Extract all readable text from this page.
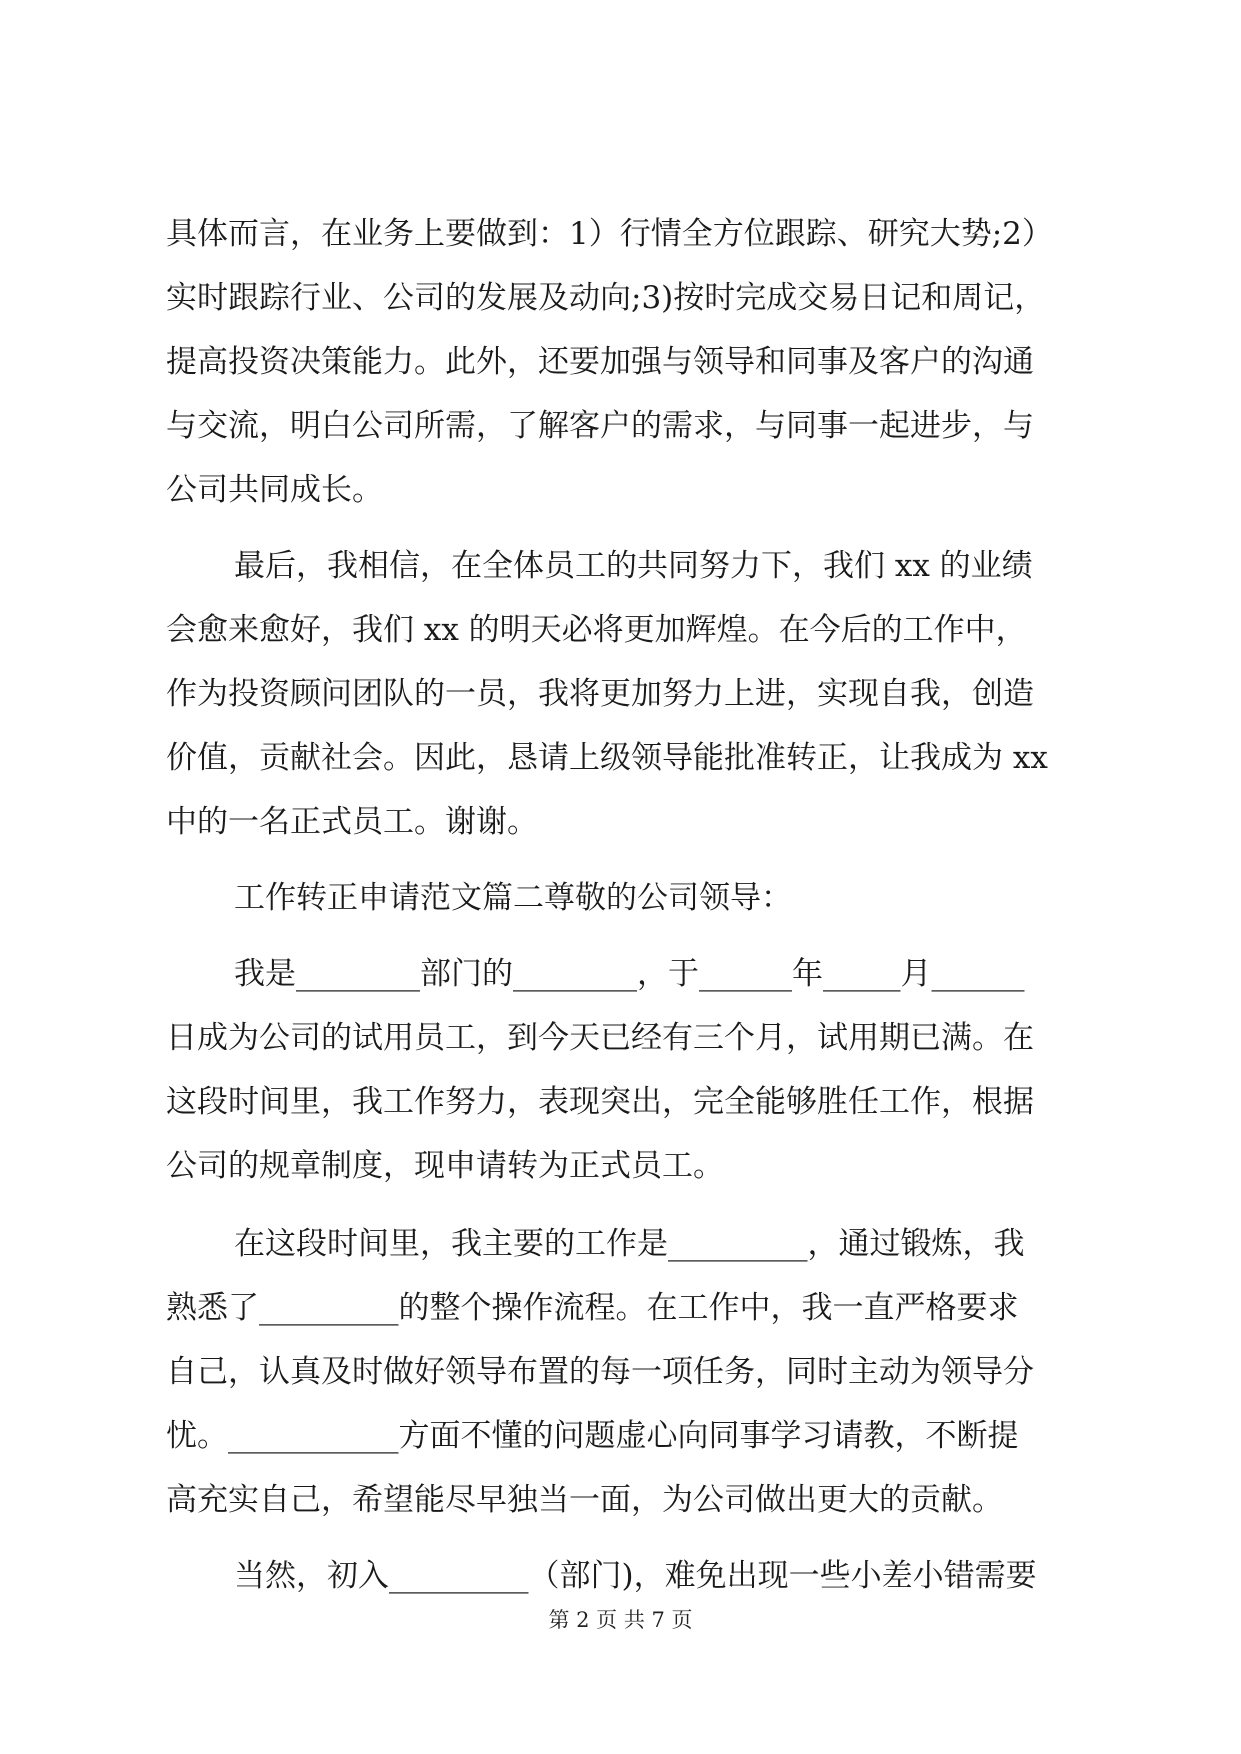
具体而言，在业务上要做到：1）行情全方位跟踪、研究大势;2）
实时跟踪行业、公司的发展及动向;3)按时完成交易日记和周记，
提高投资决策能力。此外，还要加强与领导和同事及客户的沟通
与交流，明白公司所需，了解客户的需求，与同事一起进步，与
公司共同成长。
最后，我相信，在全体员工的共同努力下，我们 xx 的业绩
会愈来愈好，我们 xx 的明天必将更加辉煌。在今后的工作中，
作为投资顾问团队的一员，我将更加努力上进，实现自我，创造
价值，贡献社会。因此，恳请上级领导能批准转正，让我成为 xx
中的一名正式员工。谢谢。
工作转正申请范文篇二尊敬的公司领导：
我是________部门的________，于______年_____月______
日成为公司的试用员工，到今天已经有三个月，试用期已满。在
这段时间里，我工作努力，表现突出，完全能够胜任工作，根据
公司的规章制度，现申请转为正式员工。
在这段时间里，我主要的工作是_________，通过锻炼，我
熟悉了_________的整个操作流程。在工作中，我一直严格要求
自己，认真及时做好领导布置的每一项任务，同时主动为领导分
忧。___________方面不懂的问题虚心向同事学习请教，不断提
高充实自己，希望能尽早独当一面，为公司做出更大的贡献。
当然，初入_________（部门)，难免出现一些小差小错需要
第 2 页 共 7 页
